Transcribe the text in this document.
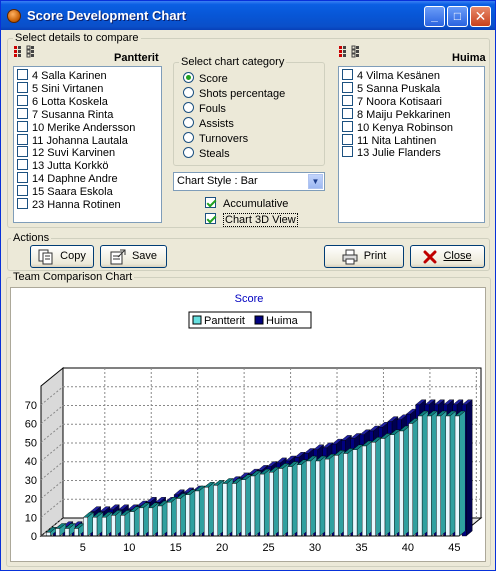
Score Development Chart	_	□ ✕
Select details to compare
Pantterit
4 Salla Karinen
5 Sini Virtanen
6 Lotta Koskela
7 Susanna Rinta
10 Merike Andersson
11 Johanna Lautala
12 Suvi Karvinen
13 Jutta Korkkö
14 Daphne Andre
15 Saara Eskola
23 Hanna Rotinen
Select chart category
Score
Shots percentage
Fouls
Assists
Turnovers
Steals
Chart Style : Bar	▼
Accumulative
Chart 3D View
Huima
4 Vilma Kesänen
5 Sanna Puskala
7 Noora Kotisaari
8 Maiju Pekkarinen
10 Kenya Robinson
11 Nita Lahtinen
13 Julie Flanders
Actions
Copy	Save	Print	Close
Team Comparison Chart
Score
Pantterit Huima
0
10
20
30
40
50
60
70
5	10	15	20	25	30	35	40	45
